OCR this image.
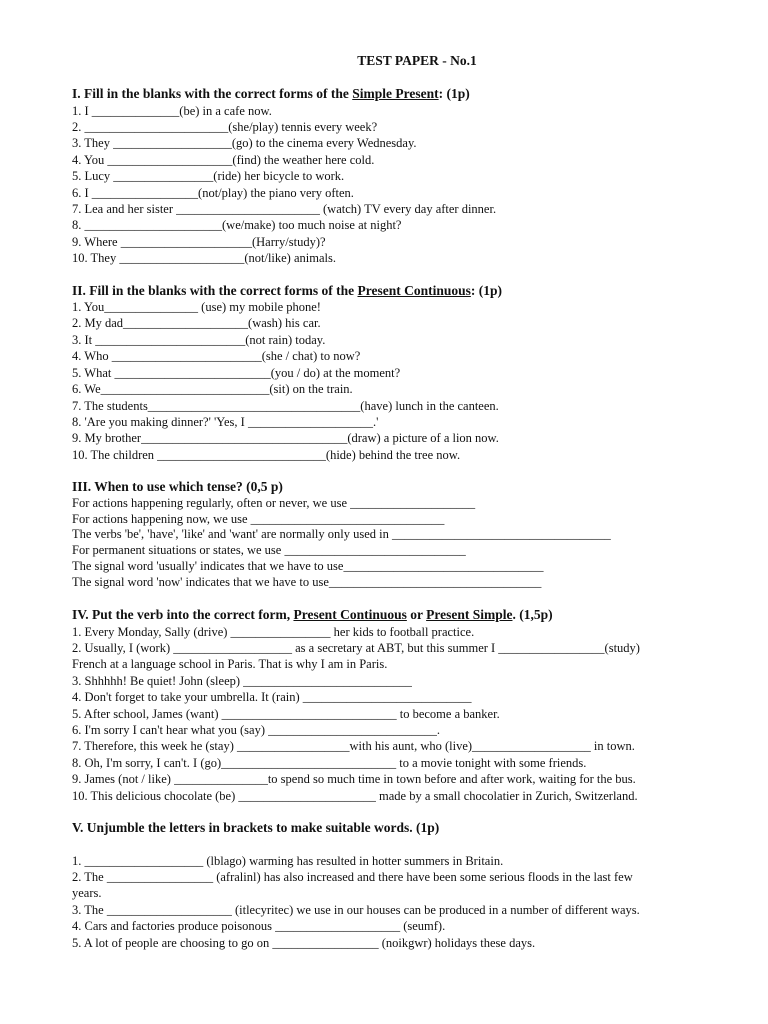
TEST PAPER - No.1

I. Fill in the blanks with the correct forms of the Simple Present: (1p)

1. I ______________(be) in a cafe now.

2. _______________________(she/play) tennis every week?

3. They ___________________(go) to the cinema every Wednesday.

4. You ____________________(find) the weather here cold.

5. Lucy ________________(ride) her bicycle to work.

6. I _________________(not/play) the piano very often.

7. Lea and her sister _______________________ (watch) TV every day after dinner.

8. ______________________(we/make) too much noise at night?

9. Where _____________________(Harry/study)?

10. They ____________________(not/like) animals.

II. Fill in the blanks with the correct forms of the Present Continuous: (1p)

1. You_______________ (use) my mobile phone!

2. My dad____________________(wash) his car.

3. It ________________________(not rain) today.

4. Who ________________________(she / chat) to now?

5. What _________________________(you / do) at the moment?

6. We___________________________(sit) on the train.

7. The students__________________________________(have) lunch in the canteen.

8. 'Are you making dinner?' 'Yes, I ____________________.'

9. My brother_________________________________(draw) a picture of a lion now.

10. The children ___________________________(hide) behind the tree now.

III. When to use which tense? (0,5 p)

For actions happening regularly, often or never, we use ____________________

For actions happening now, we use _______________________________

The verbs 'be', 'have', 'like' and 'want' are normally only used in ___________________________________

For permanent situations or states, we use _____________________________

The signal word 'usually' indicates that we have to use________________________________

The signal word 'now' indicates that we have to use__________________________________

IV. Put the verb into the correct form, Present Continuous or Present Simple. (1,5p)

1. Every Monday, Sally (drive) ________________ her kids to football practice.

2. Usually, I (work) ___________________ as a secretary at ABT, but this summer I _________________(study)

French at a language school in Paris. That is why I am in Paris.

3. Shhhhh! Be quiet! John (sleep) ___________________________

4. Don't forget to take your umbrella. It (rain) ___________________________

5. After school, James (want) ____________________________ to become a banker.

6. I'm sorry I can't hear what you (say) ___________________________.

7. Therefore, this week he (stay) __________________with his aunt, who (live)___________________ in town.

8. Oh, I'm sorry, I can't. I (go)____________________________ to a movie tonight with some friends.

9. James (not / like) _______________to spend so much time in town before and after work, waiting for the bus.

10. This delicious chocolate (be) ______________________ made by a small chocolatier in Zurich, Switzerland.

V. Unjumble the letters in brackets to make suitable words. (1p)

1. ___________________ (lblago) warming has resulted in hotter summers in Britain.

2. The _________________ (afralinl) has also increased and there have been some serious floods in the last few

years.

3. The ____________________ (itlecyritec) we use in our houses can be produced in a number of different ways.

4. Cars and factories produce poisonous ____________________ (seumf).

5. A lot of people are choosing to go on _________________ (noikgwr) holidays these days.
